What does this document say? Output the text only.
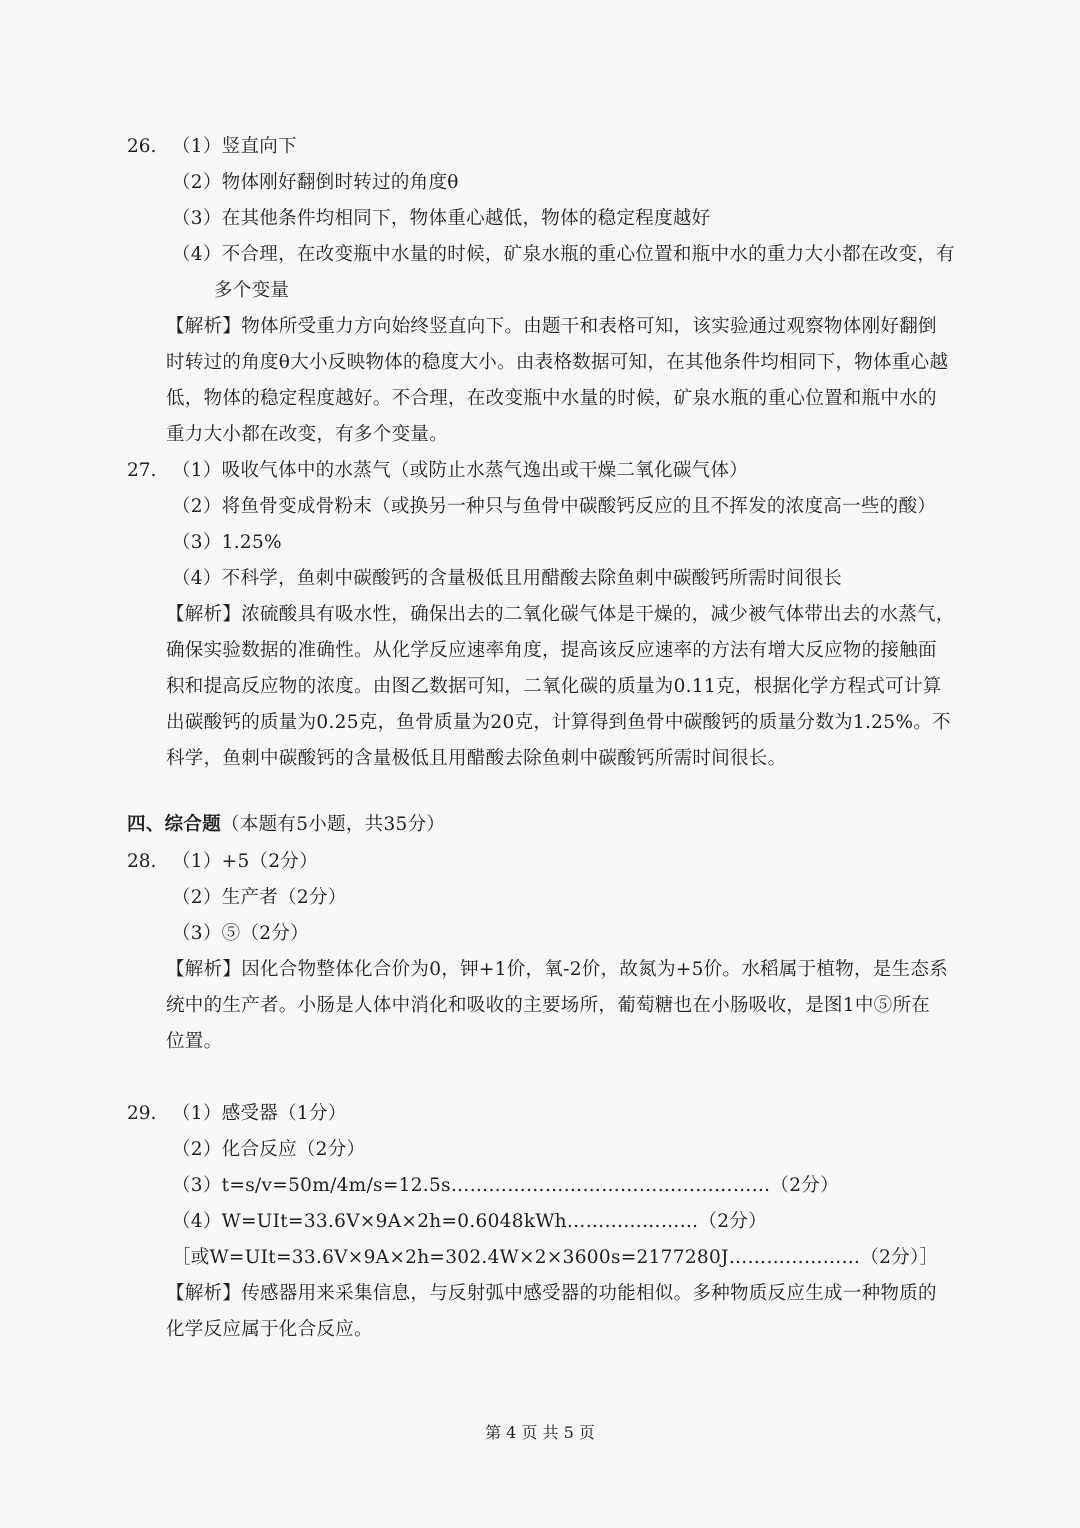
26. （1）竖直向下
（2）物体刚好翻倒时转过的角度θ
（3）在其他条件均相同下，物体重心越低，物体的稳定程度越好
（4）不合理，在改变瓶中水量的时候，矿泉水瓶的重心位置和瓶中水的重力大小都在改变，有
多个变量
【解析】物体所受重力方向始终竖直向下。由题干和表格可知，该实验通过观察物体刚好翻倒
时转过的角度θ大小反映物体的稳度大小。由表格数据可知，在其他条件均相同下，物体重心越
低，物体的稳定程度越好。不合理，在改变瓶中水量的时候，矿泉水瓶的重心位置和瓶中水的
重力大小都在改变，有多个变量。
27. （1）吸收气体中的水蒸气（或防止水蒸气逸出或干燥二氧化碳气体）
（2）将鱼骨变成骨粉末（或换另一种只与鱼骨中碳酸钙反应的且不挥发的浓度高一些的酸）
（3）1.25%
（4）不科学，鱼刺中碳酸钙的含量极低且用醋酸去除鱼刺中碳酸钙所需时间很长
【解析】浓硫酸具有吸水性，确保出去的二氧化碳气体是干燥的，减少被气体带出去的水蒸气，
确保实验数据的准确性。从化学反应速率角度，提高该反应速率的方法有增大反应物的接触面
积和提高反应物的浓度。由图乙数据可知，二氧化碳的质量为0.11克，根据化学方程式可计算
出碳酸钙的质量为0.25克，鱼骨质量为20克，计算得到鱼骨中碳酸钙的质量分数为1.25%。不
科学，鱼刺中碳酸钙的含量极低且用醋酸去除鱼刺中碳酸钙所需时间很长。
四、综合题（本题有5小题，共35分）
28. （1）+5（2分）
（2）生产者（2分）
（3）⑤（2分）
【解析】因化合物整体化合价为0，钾+1价，氧-2价，故氮为+5价。水稻属于植物，是生态系
统中的生产者。小肠是人体中消化和吸收的主要场所，葡萄糖也在小肠吸收，是图1中⑤所在
位置。
29. （1）感受器（1分）
（2）化合反应（2分）
（3）t=s/v=50m/4m/s=12.5s……………………………………………（2分）
（4）W=UIt=33.6V×9A×2h=0.6048kWh…………………（2分）
［或W=UIt=33.6V×9A×2h=302.4W×2×3600s=2177280J…………………（2分）］
【解析】传感器用来采集信息，与反射弧中感受器的功能相似。多种物质反应生成一种物质的
化学反应属于化合反应。
第 4 页 共 5 页
